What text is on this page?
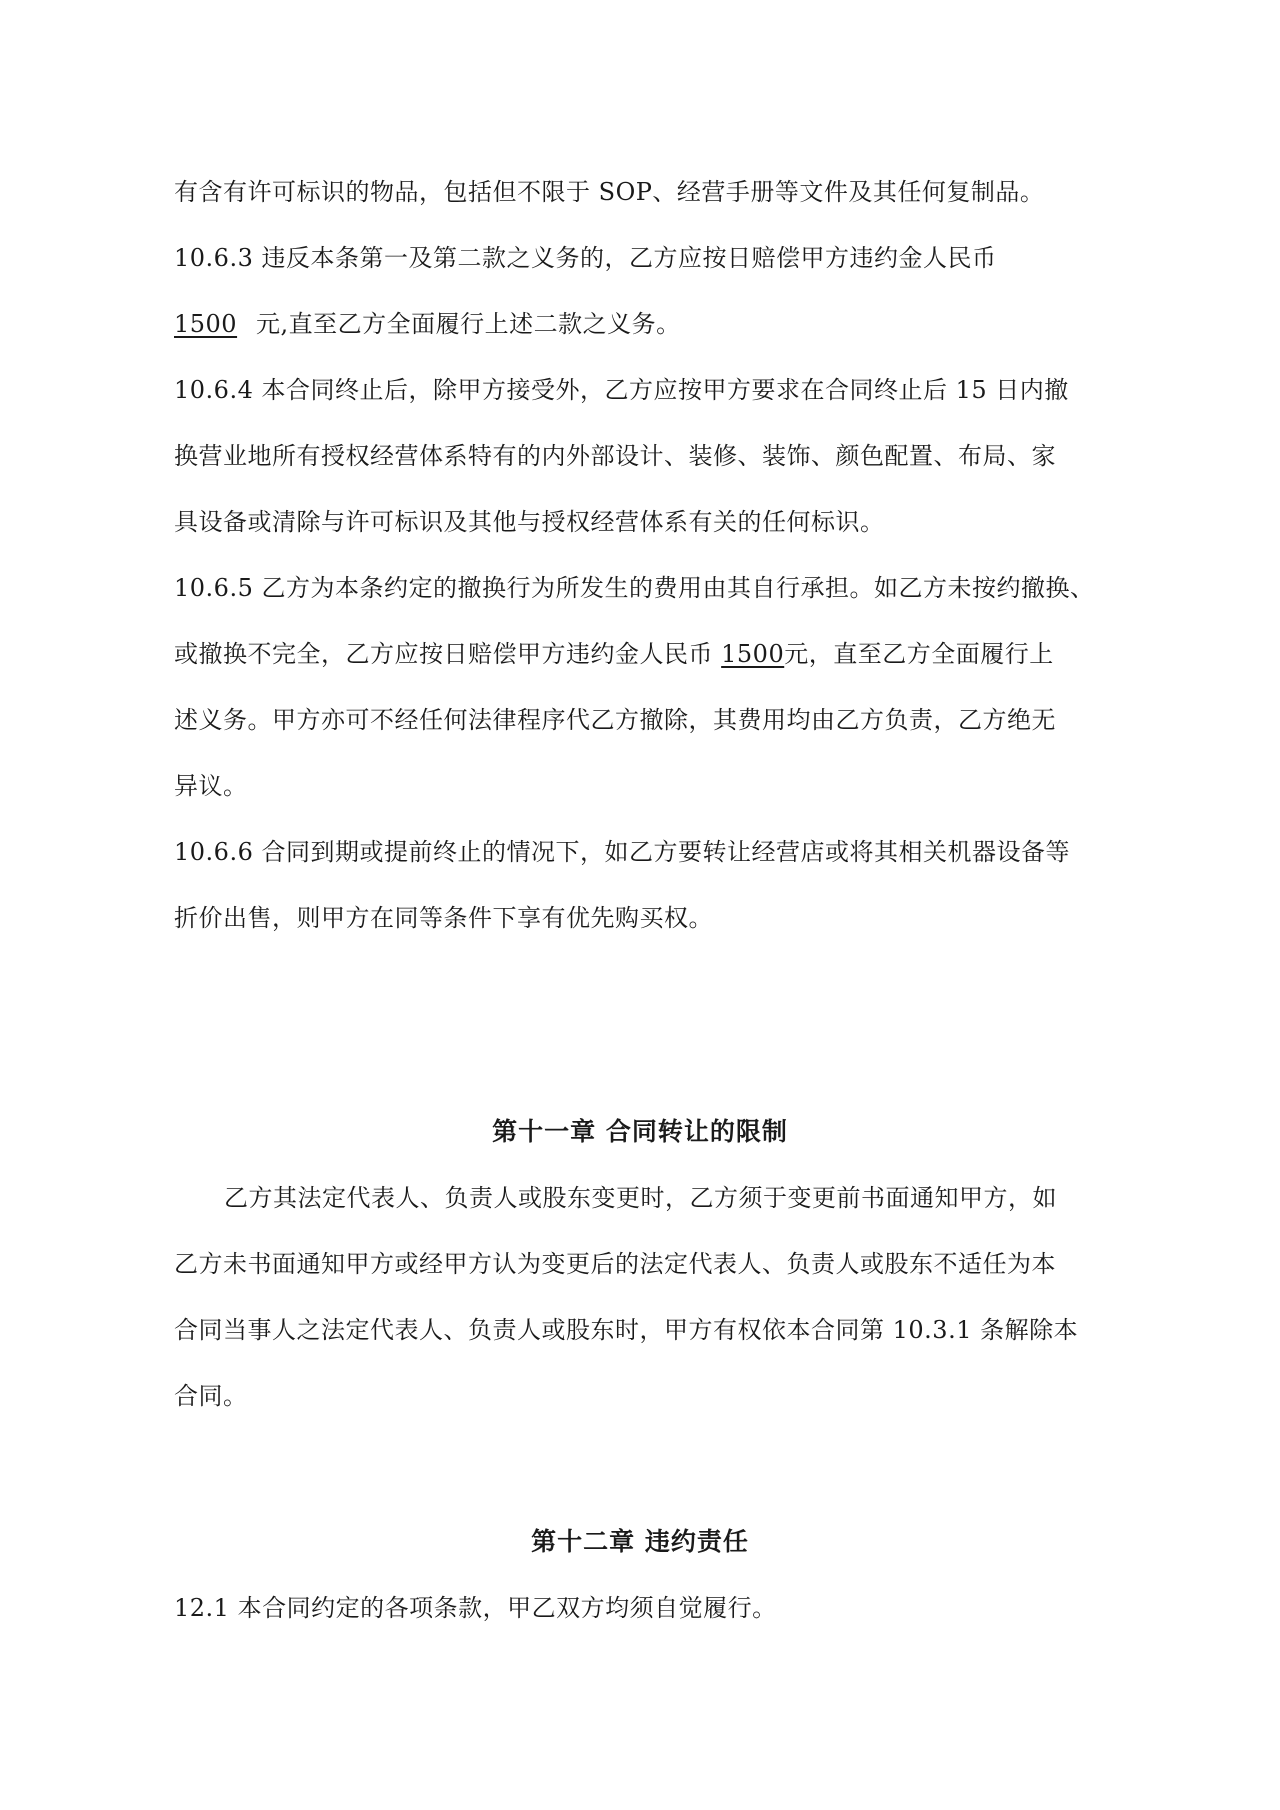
有含有许可标识的物品，包括但不限于 SOP、经营手册等文件及其任何复制品。
10.6.3 违反本条第一及第二款之义务的，乙方应按日赔偿甲方违约金人民币
1500 元,直至乙方全面履行上述二款之义务。
10.6.4 本合同终止后，除甲方接受外，乙方应按甲方要求在合同终止后 15 日内撤
换营业地所有授权经营体系特有的内外部设计、装修、装饰、颜色配置、布局、家
具设备或清除与许可标识及其他与授权经营体系有关的任何标识。
10.6.5 乙方为本条约定的撤换行为所发生的费用由其自行承担。如乙方未按约撤换、
或撤换不完全，乙方应按日赔偿甲方违约金人民币 1500元，直至乙方全面履行上
述义务。甲方亦可不经任何法律程序代乙方撤除，其费用均由乙方负责，乙方绝无
异议。
10.6.6 合同到期或提前终止的情况下，如乙方要转让经营店或将其相关机器设备等
折价出售，则甲方在同等条件下享有优先购买权。
第十一章 合同转让的限制
乙方其法定代表人、负责人或股东变更时，乙方须于变更前书面通知甲方，如
乙方未书面通知甲方或经甲方认为变更后的法定代表人、负责人或股东不适任为本
合同当事人之法定代表人、负责人或股东时，甲方有权依本合同第 10.3.1 条解除本
合同。
第十二章 违约责任
12.1 本合同约定的各项条款，甲乙双方均须自觉履行。
